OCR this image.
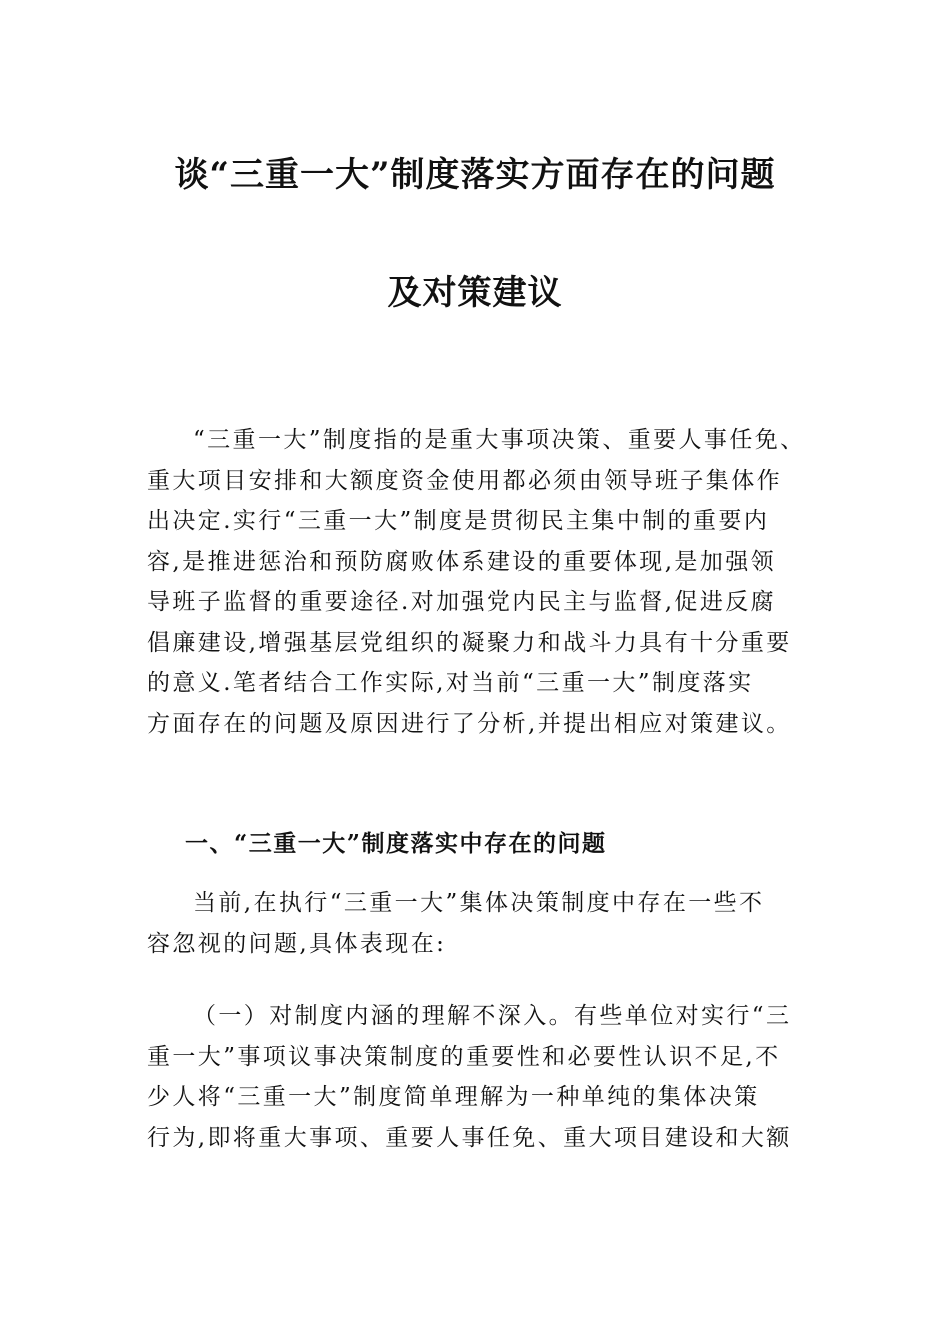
谈“三重一大”制度落实方面存在的问题
及对策建议
“三重一大”制度指的是重大事项决策、重要人事任免、
重大项目安排和大额度资金使用都必须由领导班子集体作
出决定.实行“三重一大”制度是贯彻民主集中制的重要内
容,是推进惩治和预防腐败体系建设的重要体现,是加强领
导班子监督的重要途径.对加强党内民主与监督,促进反腐
倡廉建设,增强基层党组织的凝聚力和战斗力具有十分重要
的意义.笔者结合工作实际,对当前“三重一大”制度落实
方面存在的问题及原因进行了分析,并提出相应对策建议。
一、“三重一大”制度落实中存在的问题
当前,在执行“三重一大”集体决策制度中存在一些不
容忽视的问题,具体表现在:
（一）对制度内涵的理解不深入。有些单位对实行“三
重一大”事项议事决策制度的重要性和必要性认识不足,不
少人将“三重一大”制度简单理解为一种单纯的集体决策
行为,即将重大事项、重要人事任免、重大项目建设和大额
